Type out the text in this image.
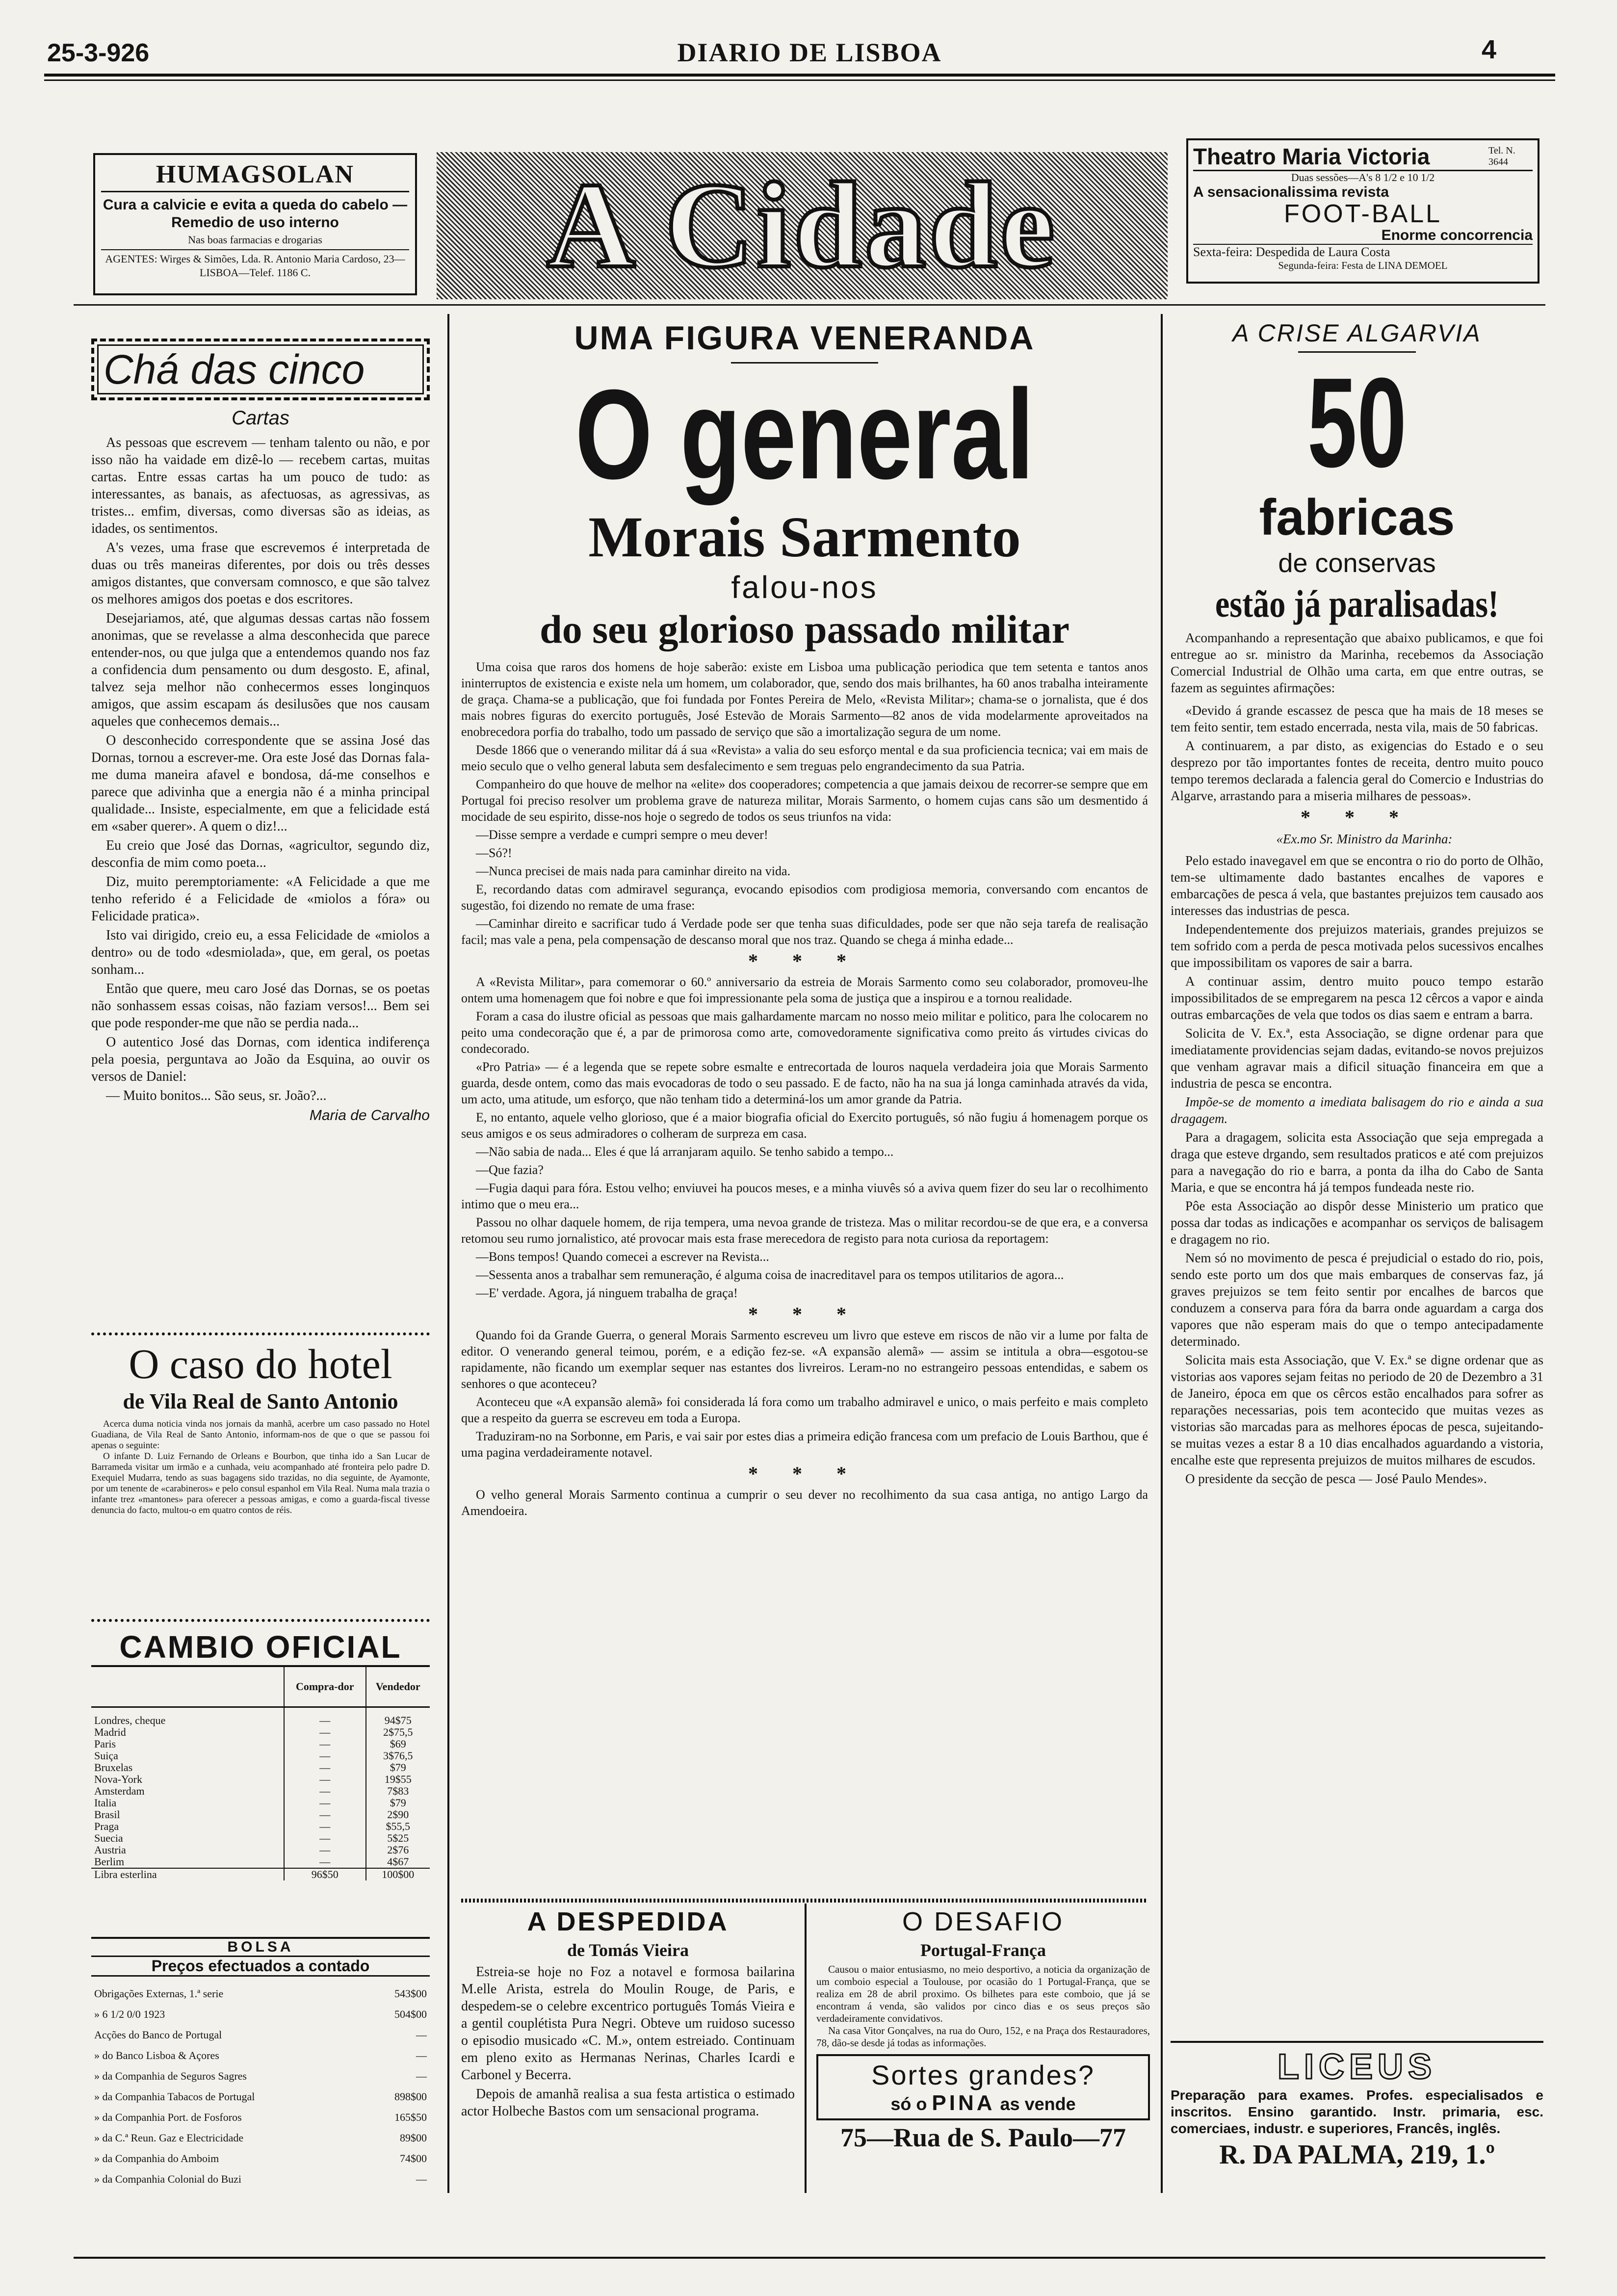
25-3-926	DIARIO DE LISBOA	4
HUMAGSOLAN
Cura a calvicie e evita a queda do cabelo — Remedio de uso interno
Nas boas farmacias e drogarias
AGENTES: Wirges & Simões, Lda. R. Antonio Maria Cardoso, 23—LISBOA—Telef. 1186 C.	A Cidade
Theatro Maria Victoria	Tel. N. 3644
Duas sessões—A's 8 1/2 e 10 1/2
A sensacionalissima revista
FOOT-BALL
Enorme concorrencia
Sexta-feira: Despedida de Laura Costa
Segunda-feira: Festa de LINA DEMOEL
Chá das cinco
Cartas

As pessoas que escrevem — tenham talento ou não, e por isso não ha vaidade em dizê-lo — recebem cartas, muitas cartas. Entre essas cartas ha um pouco de tudo: as interessantes, as banais, as afectuosas, as agressivas, as tristes... emfim, diversas, como diversas são as ideias, as idades, os sentimentos.

A's vezes, uma frase que escrevemos é interpretada de duas ou três maneiras diferentes, por dois ou três desses amigos distantes, que conversam comnosco, e que são talvez os melhores amigos dos poetas e dos escritores.

Desejariamos, até, que algumas dessas cartas não fossem anonimas, que se revelasse a alma desconhecida que parece entender-nos, ou que julga que a entendemos quando nos faz a confidencia dum pensamento ou dum desgosto. E, afinal, talvez seja melhor não conhecermos esses longinquos amigos, que assim escapam ás desilusões que nos causam aqueles que conhecemos demais...

O desconhecido correspondente que se assina José das Dornas, tornou a escrever-me. Ora este José das Dornas fala-me duma maneira afavel e bondosa, dá-me conselhos e parece que adivinha que a energia não é a minha principal qualidade... Insiste, especialmente, em que a felicidade está em «saber querer». A quem o diz!...

Eu creio que José das Dornas, «agricultor, segundo diz, desconfia de mim como poeta...

Diz, muito peremptoriamente: «A Felicidade a que me tenho referido é a Felicidade de «miolos a fóra» ou Felicidade pratica».

Isto vai dirigido, creio eu, a essa Felicidade de «miolos a dentro» ou de todo «desmiolada», que, em geral, os poetas sonham...

Então que quere, meu caro José das Dornas, se os poetas não sonhassem essas coisas, não faziam versos!... Bem sei que pode responder-me que não se perdia nada...

O autentico José das Dornas, com identica indiferença pela poesia, perguntava ao João da Esquina, ao ouvir os versos de Daniel:

— Muito bonitos... São seus, sr. João?...

Maria de Carvalho
O caso do hotel
de Vila Real de Santo Antonio

Acerca duma noticia vinda nos jornais da manhã, acerbre um caso passado no Hotel Guadiana, de Vila Real de Santo Antonio, informam-nos de que o que se passou foi apenas o seguinte:

O infante D. Luiz Fernando de Orleans e Bourbon, que tinha ido a San Lucar de Barrameda visitar um irmão e a cunhada, veiu acompanhado até fronteira pelo padre D. Exequiel Mudarra, tendo as suas bagagens sido trazidas, no dia seguinte, de Ayamonte, por um tenente de «carabineros» e pelo consul espanhol em Vila Real. Numa mala trazia o infante trez «mantones» para oferecer a pessoas amigas, e como a guarda-fiscal tivesse denuncia do facto, multou-o em quatro contos de réis.

CAMBIO OFICIAL
	Compra-dor	Vendedor
Londres, cheque	—	94$75
Madrid	—	2$75,5
Paris	—	$69
Suiça	—	3$76,5
Bruxelas	—	$79
Nova-York	—	19$55
Amsterdam	—	7$83
Italia	—	$79
Brasil	—	2$90
Praga	—	$55,5
Suecia	—	5$25
Austria	—	2$76
Berlim	—	4$67
Libra esterlina	96$50	100$00
BOLSA
Preços efectuados a contado
Obrigações Externas, 1.ª serie	543$00
» 6 1/2 0/0 1923	504$00
Acções do Banco de Portugal	—
» do Banco Lisboa & Açores	—
» da Companhia de Seguros Sagres	—
» da Companhia Tabacos de Portugal	898$00
» da Companhia Port. de Fosforos	165$50
» da C.ª Reun. Gaz e Electricidade	89$00
» da Companhia do Amboim	74$00
» da Companhia Colonial do Buzi	—
UMA FIGURA VENERANDA
O general
Morais Sarmento
falou-nos
do seu glorioso passado militar

Uma coisa que raros dos homens de hoje saberão: existe em Lisboa uma publicação periodica que tem setenta e tantos anos ininterruptos de existencia e existe nela um homem, um colaborador, que, sendo dos mais brilhantes, ha 60 anos trabalha inteiramente de graça. Chama-se a publicação, que foi fundada por Fontes Pereira de Melo, «Revista Militar»; chama-se o jornalista, que é dos mais nobres figuras do exercito português, José Estevão de Morais Sarmento—82 anos de vida modelarmente aproveitados na enobrecedora porfia do trabalho, todo um passado de serviço que são a imortalização segura de um nome.

Desde 1866 que o venerando militar dá á sua «Revista» a valia do seu esforço mental e da sua proficiencia tecnica; vai em mais de meio seculo que o velho general labuta sem desfalecimento e sem treguas pelo engrandecimento da sua Patria.

Companheiro do que houve de melhor na «elite» dos cooperadores; competencia a que jamais deixou de recorrer-se sempre que em Portugal foi preciso resolver um problema grave de natureza militar, Morais Sarmento, o homem cujas cans são um desmentido á mocidade de seu espirito, disse-nos hoje o segredo de todos os seus triunfos na vida:

—Disse sempre a verdade e cumpri sempre o meu dever!

—Só?!

—Nunca precisei de mais nada para caminhar direito na vida.

E, recordando datas com admiravel segurança, evocando episodios com prodigiosa memoria, conversando com encantos de sugestão, foi dizendo no remate de uma frase:

—Caminhar direito e sacrificar tudo á Verdade pode ser que tenha suas dificuldades, pode ser que não seja tarefa de realisação facil; mas vale a pena, pela compensação de descanso moral que nos traz. Quando se chega á minha edade...

* * *

A «Revista Militar», para comemorar o 60.º anniversario da estreia de Morais Sarmento como seu colaborador, promoveu-lhe ontem uma homenagem que foi nobre e que foi impressionante pela soma de justiça que a inspirou e a tornou realidade.

Foram a casa do ilustre oficial as pessoas que mais galhardamente marcam no nosso meio militar e politico, para lhe colocarem no peito uma condecoração que é, a par de primorosa como arte, comovedoramente significativa como preito ás virtudes civicas do condecorado.

«Pro Patria» — é a legenda que se repete sobre esmalte e entrecortada de louros naquela verdadeira joia que Morais Sarmento guarda, desde ontem, como das mais evocadoras de todo o seu passado. E de facto, não ha na sua já longa caminhada através da vida, um acto, uma atitude, um esforço, que não tenham tido a determiná-los um amor grande da Patria.

E, no entanto, aquele velho glorioso, que é a maior biografia oficial do Exercito português, só não fugiu á homenagem porque os seus amigos e os seus admiradores o colheram de surpreza em casa.

—Não sabia de nada... Eles é que lá arranjaram aquilo. Se tenho sabido a tempo...

—Que fazia?

—Fugia daqui para fóra. Estou velho; enviuvei ha poucos meses, e a minha viuvês só a aviva quem fizer do seu lar o recolhimento intimo que o meu era...

Passou no olhar daquele homem, de rija tempera, uma nevoa grande de tristeza. Mas o militar recordou-se de que era, e a conversa retomou seu rumo jornalistico, até provocar mais esta frase merecedora de registo para nota curiosa da reportagem:

—Bons tempos! Quando comecei a escrever na Revista...

—Sessenta anos a trabalhar sem remuneração, é alguma coisa de inacreditavel para os tempos utilitarios de agora...

—E' verdade. Agora, já ninguem trabalha de graça!

* * *

Quando foi da Grande Guerra, o general Morais Sarmento escreveu um livro que esteve em riscos de não vir a lume por falta de editor. O venerando general teimou, porém, e a edição fez-se. «A expansão alemã» — assim se intitula a obra—esgotou-se rapidamente, não ficando um exemplar sequer nas estantes dos livreiros. Leram-no no estrangeiro pessoas entendidas, e sabem os senhores o que aconteceu?

Aconteceu que «A expansão alemã» foi considerada lá fora como um trabalho admiravel e unico, o mais perfeito e mais completo que a respeito da guerra se escreveu em toda a Europa.

Traduziram-no na Sorbonne, em Paris, e vai sair por estes dias a primeira edição francesa com um prefacio de Louis Barthou, que é uma pagina verdadeiramente notavel.

* * *

O velho general Morais Sarmento continua a cumprir o seu dever no recolhimento da sua casa antiga, no antigo Largo da Amendoeira.

A DESPEDIDA
de Tomás Vieira

Estreia-se hoje no Foz a notavel e formosa bailarina M.elle Arista, estrela do Moulin Rouge, de Paris, e despedem-se o celebre excentrico português Tomás Vieira e a gentil couplétista Pura Negri. Obteve um ruidoso sucesso o episodio musicado «C. M.», ontem estreiado. Continuam em pleno exito as Hermanas Nerinas, Charles Icardi e Carbonel y Becerra.

Depois de amanhã realisa a sua festa artistica o estimado actor Holbeche Bastos com um sensacional programa.

O DESAFIO
Portugal-França

Causou o maior entusiasmo, no meio desportivo, a noticia da organização de um comboio especial a Toulouse, por ocasião do 1 Portugal-França, que se realiza em 28 de abril proximo. Os bilhetes para este comboio, que já se encontram á venda, são validos por cinco dias e os seus preços são verdadeiramente convidativos.

Na casa Vitor Gonçalves, na rua do Ouro, 152, e na Praça dos Restauradores, 78, dão-se desde já todas as informações.

Sortes grandes?
só o PINA as vende
75—Rua de S. Paulo—77
A CRISE ALGARVIA
50
fabricas
de conservas
estão já paralisadas!

Acompanhando a representação que abaixo publicamos, e que foi entregue ao sr. ministro da Marinha, recebemos da Associação Comercial Industrial de Olhão uma carta, em que entre outras, se fazem as seguintes afirmações:

«Devido á grande escassez de pesca que ha mais de 18 meses se tem feito sentir, tem estado encerrada, nesta vila, mais de 50 fabricas.

A continuarem, a par disto, as exigencias do Estado e o seu desprezo por tão importantes fontes de receita, dentro muito pouco tempo teremos declarada a falencia geral do Comercio e Industrias do Algarve, arrastando para a miseria milhares de pessoas».

* * *

«Ex.mo Sr. Ministro da Marinha:

Pelo estado inavegavel em que se encontra o rio do porto de Olhão, tem-se ultimamente dado bastantes encalhes de vapores e embarcações de pesca á vela, que bastantes prejuizos tem causado aos interesses das industrias de pesca.

Independentemente dos prejuizos materiais, grandes prejuizos se tem sofrido com a perda de pesca motivada pelos sucessivos encalhes que impossibilitam os vapores de sair a barra.

A continuar assim, dentro muito pouco tempo estarão impossibilitados de se empregarem na pesca 12 cêrcos a vapor e ainda outras embarcações de vela que todos os dias saem e entram a barra.

Solicita de V. Ex.ª, esta Associação, se digne ordenar para que imediatamente providencias sejam dadas, evitando-se novos prejuizos que venham agravar mais a dificil situação financeira em que a industria de pesca se encontra.

Impõe-se de momento a imediata balisagem do rio e ainda a sua dragagem.

Para a dragagem, solicita esta Associação que seja empregada a draga que esteve drgando, sem resultados praticos e até com prejuizos para a navegação do rio e barra, a ponta da ilha do Cabo de Santa Maria, e que se encontra há já tempos fundeada neste rio.

Pôe esta Associação ao dispôr desse Ministerio um pratico que possa dar todas as indicações e acompanhar os serviços de balisagem e dragagem no rio.

Nem só no movimento de pesca é prejudicial o estado do rio, pois, sendo este porto um dos que mais embarques de conservas faz, já graves prejuizos se tem feito sentir por encalhes de barcos que conduzem a conserva para fóra da barra onde aguardam a carga dos vapores que não esperam mais do que o tempo antecipadamente determinado.

Solicita mais esta Associação, que V. Ex.ª se digne ordenar que as vistorias aos vapores sejam feitas no periodo de 20 de Dezembro a 31 de Janeiro, época em que os cêrcos estão encalhados para sofrer as reparações necessarias, pois tem acontecido que muitas vezes as vistorias são marcadas para as melhores épocas de pesca, sujeitando-se muitas vezes a estar 8 a 10 dias encalhados aguardando a vistoria, encalhe este que representa prejuizos de muitos milhares de escudos.

O presidente da secção de pesca — José Paulo Mendes».

LICEUS
Preparação para exames. Profes. especialisados e inscritos. Ensino garantido. Instr. primaria, esc. comerciaes, industr. e superiores, Francês, inglês.
R. DA PALMA, 219, 1.º
